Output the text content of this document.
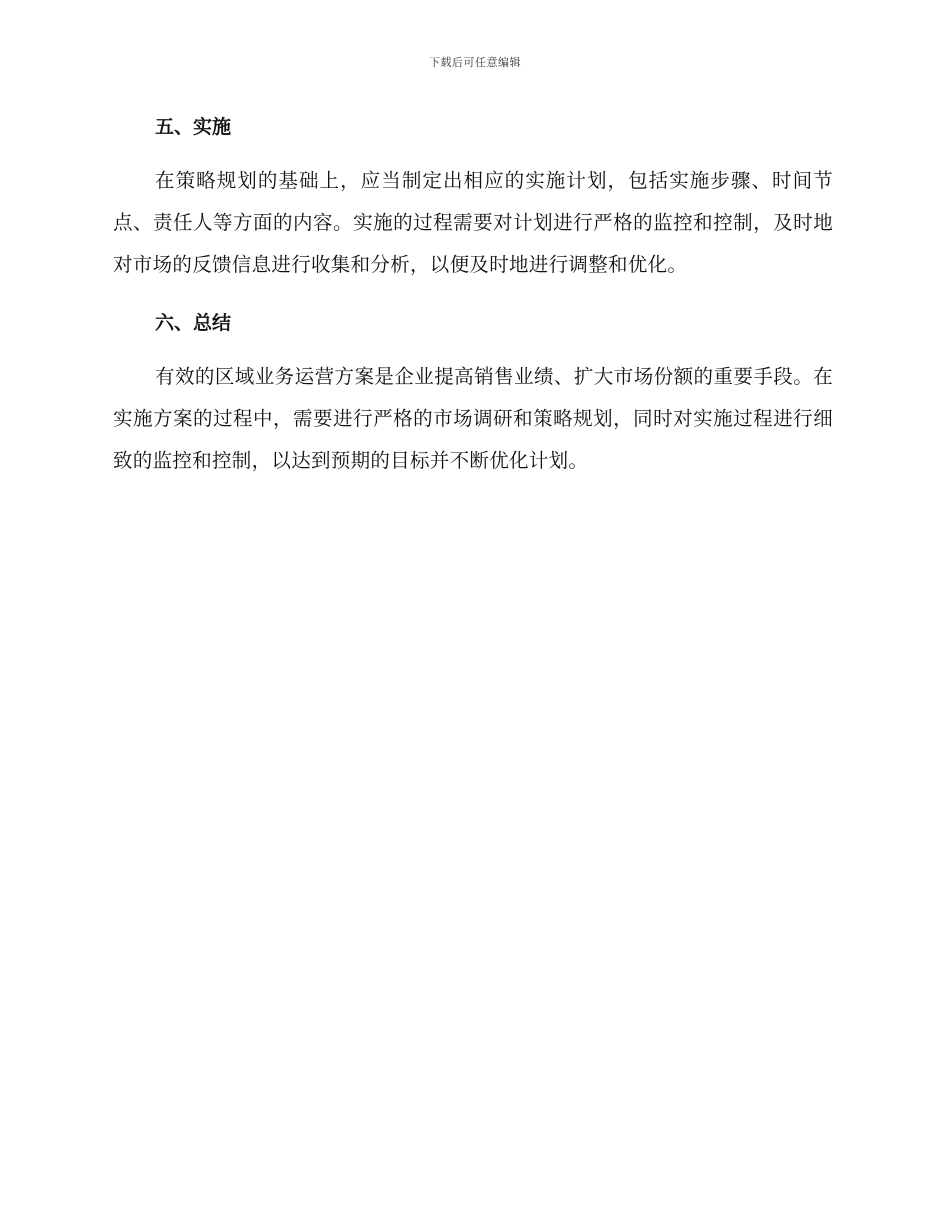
下载后可任意编辑
五、实施

在策略规划的基础上，应当制定出相应的实施计划，包括实施步骤、时间节点、责任人等方面的内容。实施的过程需要对计划进行严格的监控和控制，及时地对市场的反馈信息进行收集和分析，以便及时地进行调整和优化。

六、总结

有效的区域业务运营方案是企业提高销售业绩、扩大市场份额的重要手段。在实施方案的过程中，需要进行严格的市场调研和策略规划，同时对实施过程进行细致的监控和控制，以达到预期的目标并不断优化计划。
